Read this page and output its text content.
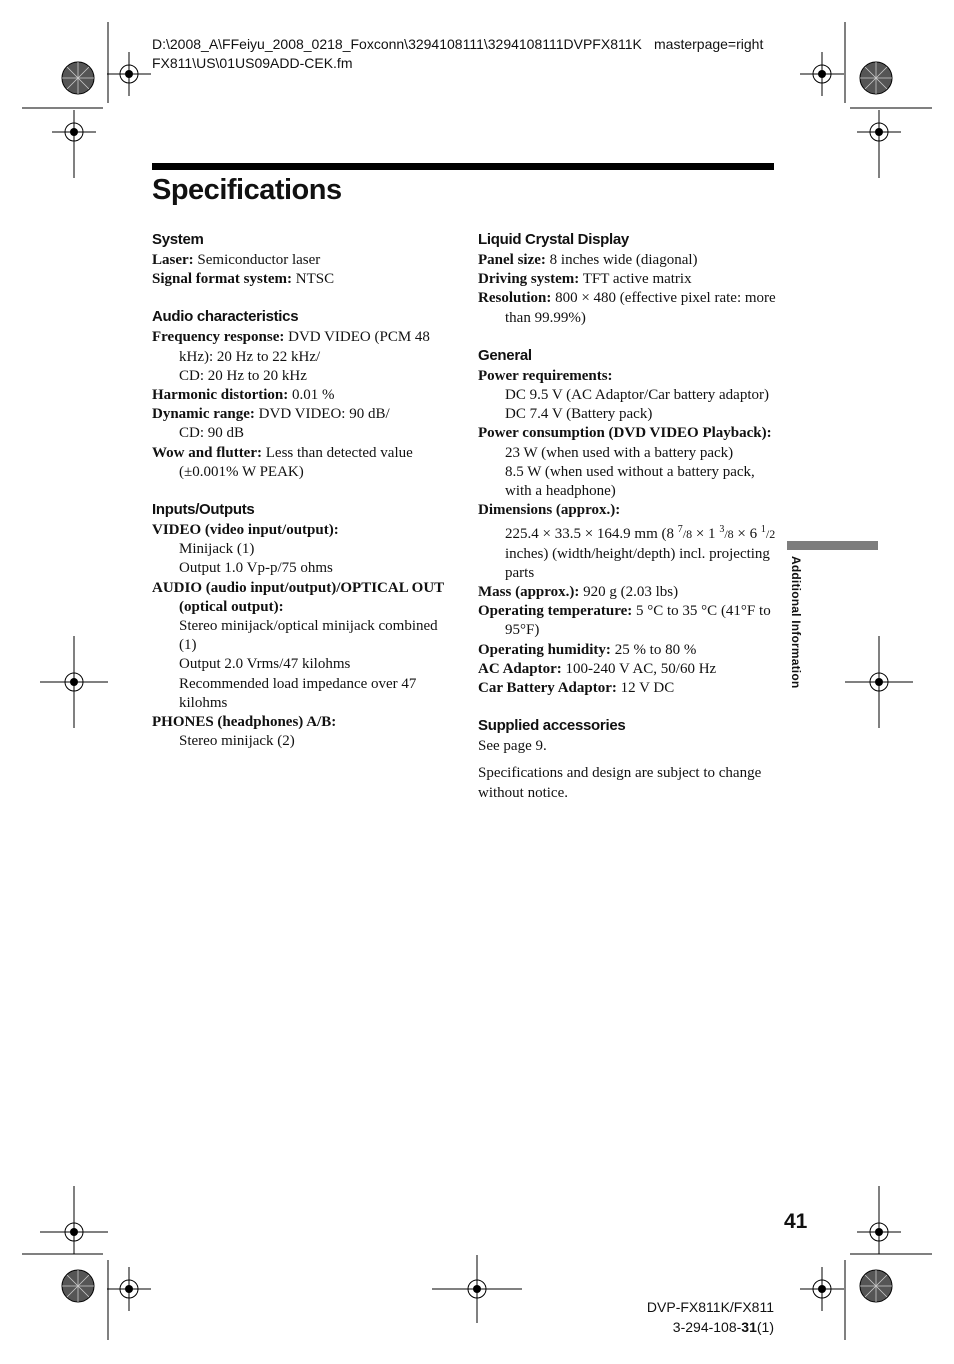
D:\2008_A\FFeiyu_2008_0218_Foxconn\3294108111\3294108111DVPFX811K
FX811\US\01US09ADD-CEK.fm
masterpage=right
Specifications
System
Laser: Semiconductor laser
Signal format system: NTSC
Audio characteristics
Frequency response: DVD VIDEO (PCM 48 kHz): 20 Hz to 22 kHz/
CD: 20 Hz to 20 kHz
Harmonic distortion: 0.01 %
Dynamic range: DVD VIDEO: 90 dB/
CD: 90 dB
Wow and flutter: Less than detected value (±0.001% W PEAK)
Inputs/Outputs
VIDEO (video input/output):
Minijack (1)
Output 1.0 Vp-p/75 ohms
AUDIO (audio input/output)/OPTICAL OUT (optical output):
Stereo minijack/optical minijack combined (1)
Output 2.0 Vrms/47 kilohms
Recommended load impedance over 47 kilohms
PHONES (headphones) A/B:
Stereo minijack (2)
Liquid Crystal Display
Panel size: 8 inches wide (diagonal)
Driving system: TFT active matrix
Resolution: 800 × 480 (effective pixel rate: more than 99.99%)
General
Power requirements:
DC 9.5 V (AC Adaptor/Car battery adaptor)
DC 7.4 V (Battery pack)
Power consumption (DVD VIDEO Playback):
23 W (when used with a battery pack)
8.5 W (when used without a battery pack, with a headphone)
Dimensions (approx.):
225.4 × 33.5 × 164.9 mm (8 $^7$/8 × 1 $^3$/8 × 6 $^1$/2 inches) (width/height/depth) incl. projecting parts
Mass (approx.): 920 g (2.03 lbs)
Operating temperature: 5 °C to 35 °C (41°F to 95°F)
Operating humidity: 25 % to 80 %
AC Adaptor: 100-240 V AC, 50/60 Hz
Car Battery Adaptor: 12 V DC
Supplied accessories
See page 9.
Specifications and design are subject to change without notice.
Additional Information
41
DVP-FX811K/FX811
3-294-108-31(1)
